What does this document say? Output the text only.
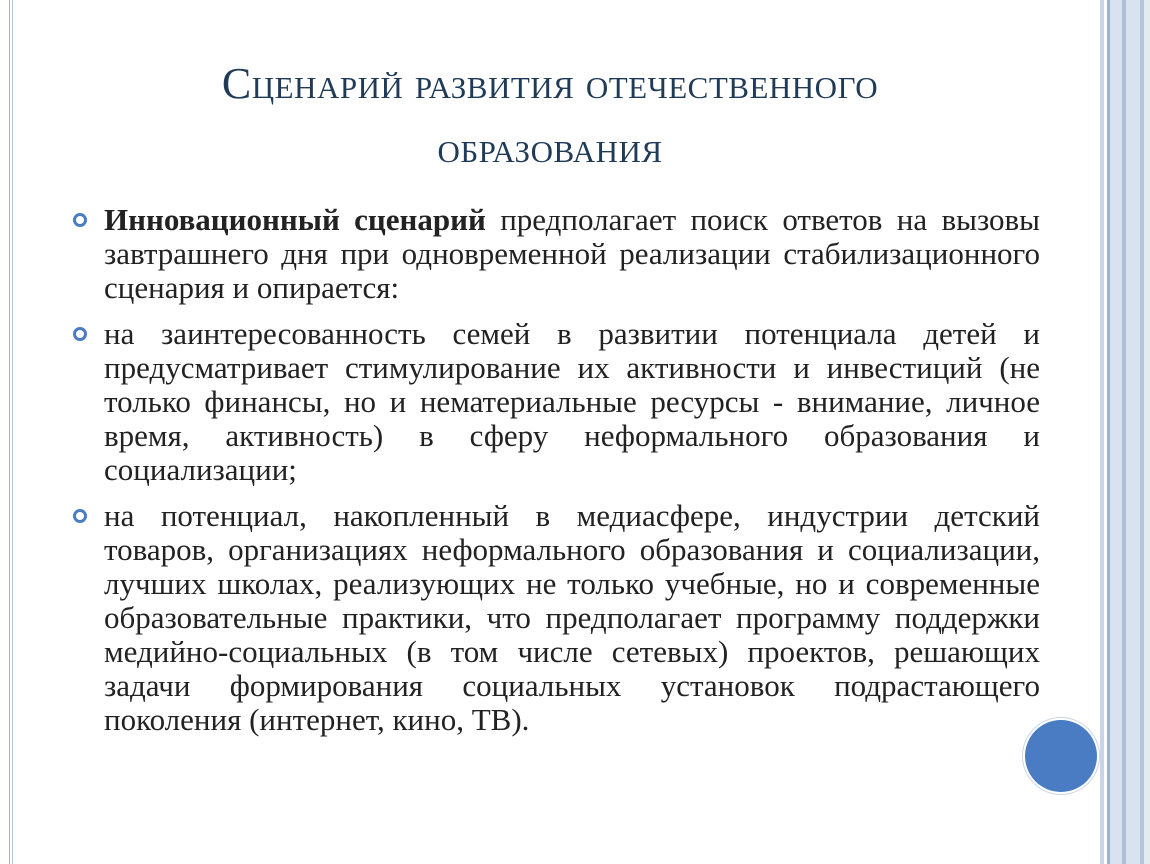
Сценарий развития отечественного
образования
Инновационный сценарий предполагает поиск ответов на вызовы завтрашнего дня при одновременной реализации стабилизационного сценария и опирается:
на заинтересованность семей в развитии потенциала детей и предусматривает стимулирование их активности и инвестиций (не только финансы, но и нематериальные ресурсы - внимание, личное время, активность) в сферу неформального образования и социализации;
на потенциал, накопленный в медиасфере, индустрии детский товаров, организациях неформального образования и социализации, лучших школах, реализующих не только учебные, но и современные образовательные практики, что предполагает программу поддержки медийно-социальных (в том числе сетевых) проектов, решающих задачи формирования социальных установок подрастающего поколения (интернет, кино, ТВ).
